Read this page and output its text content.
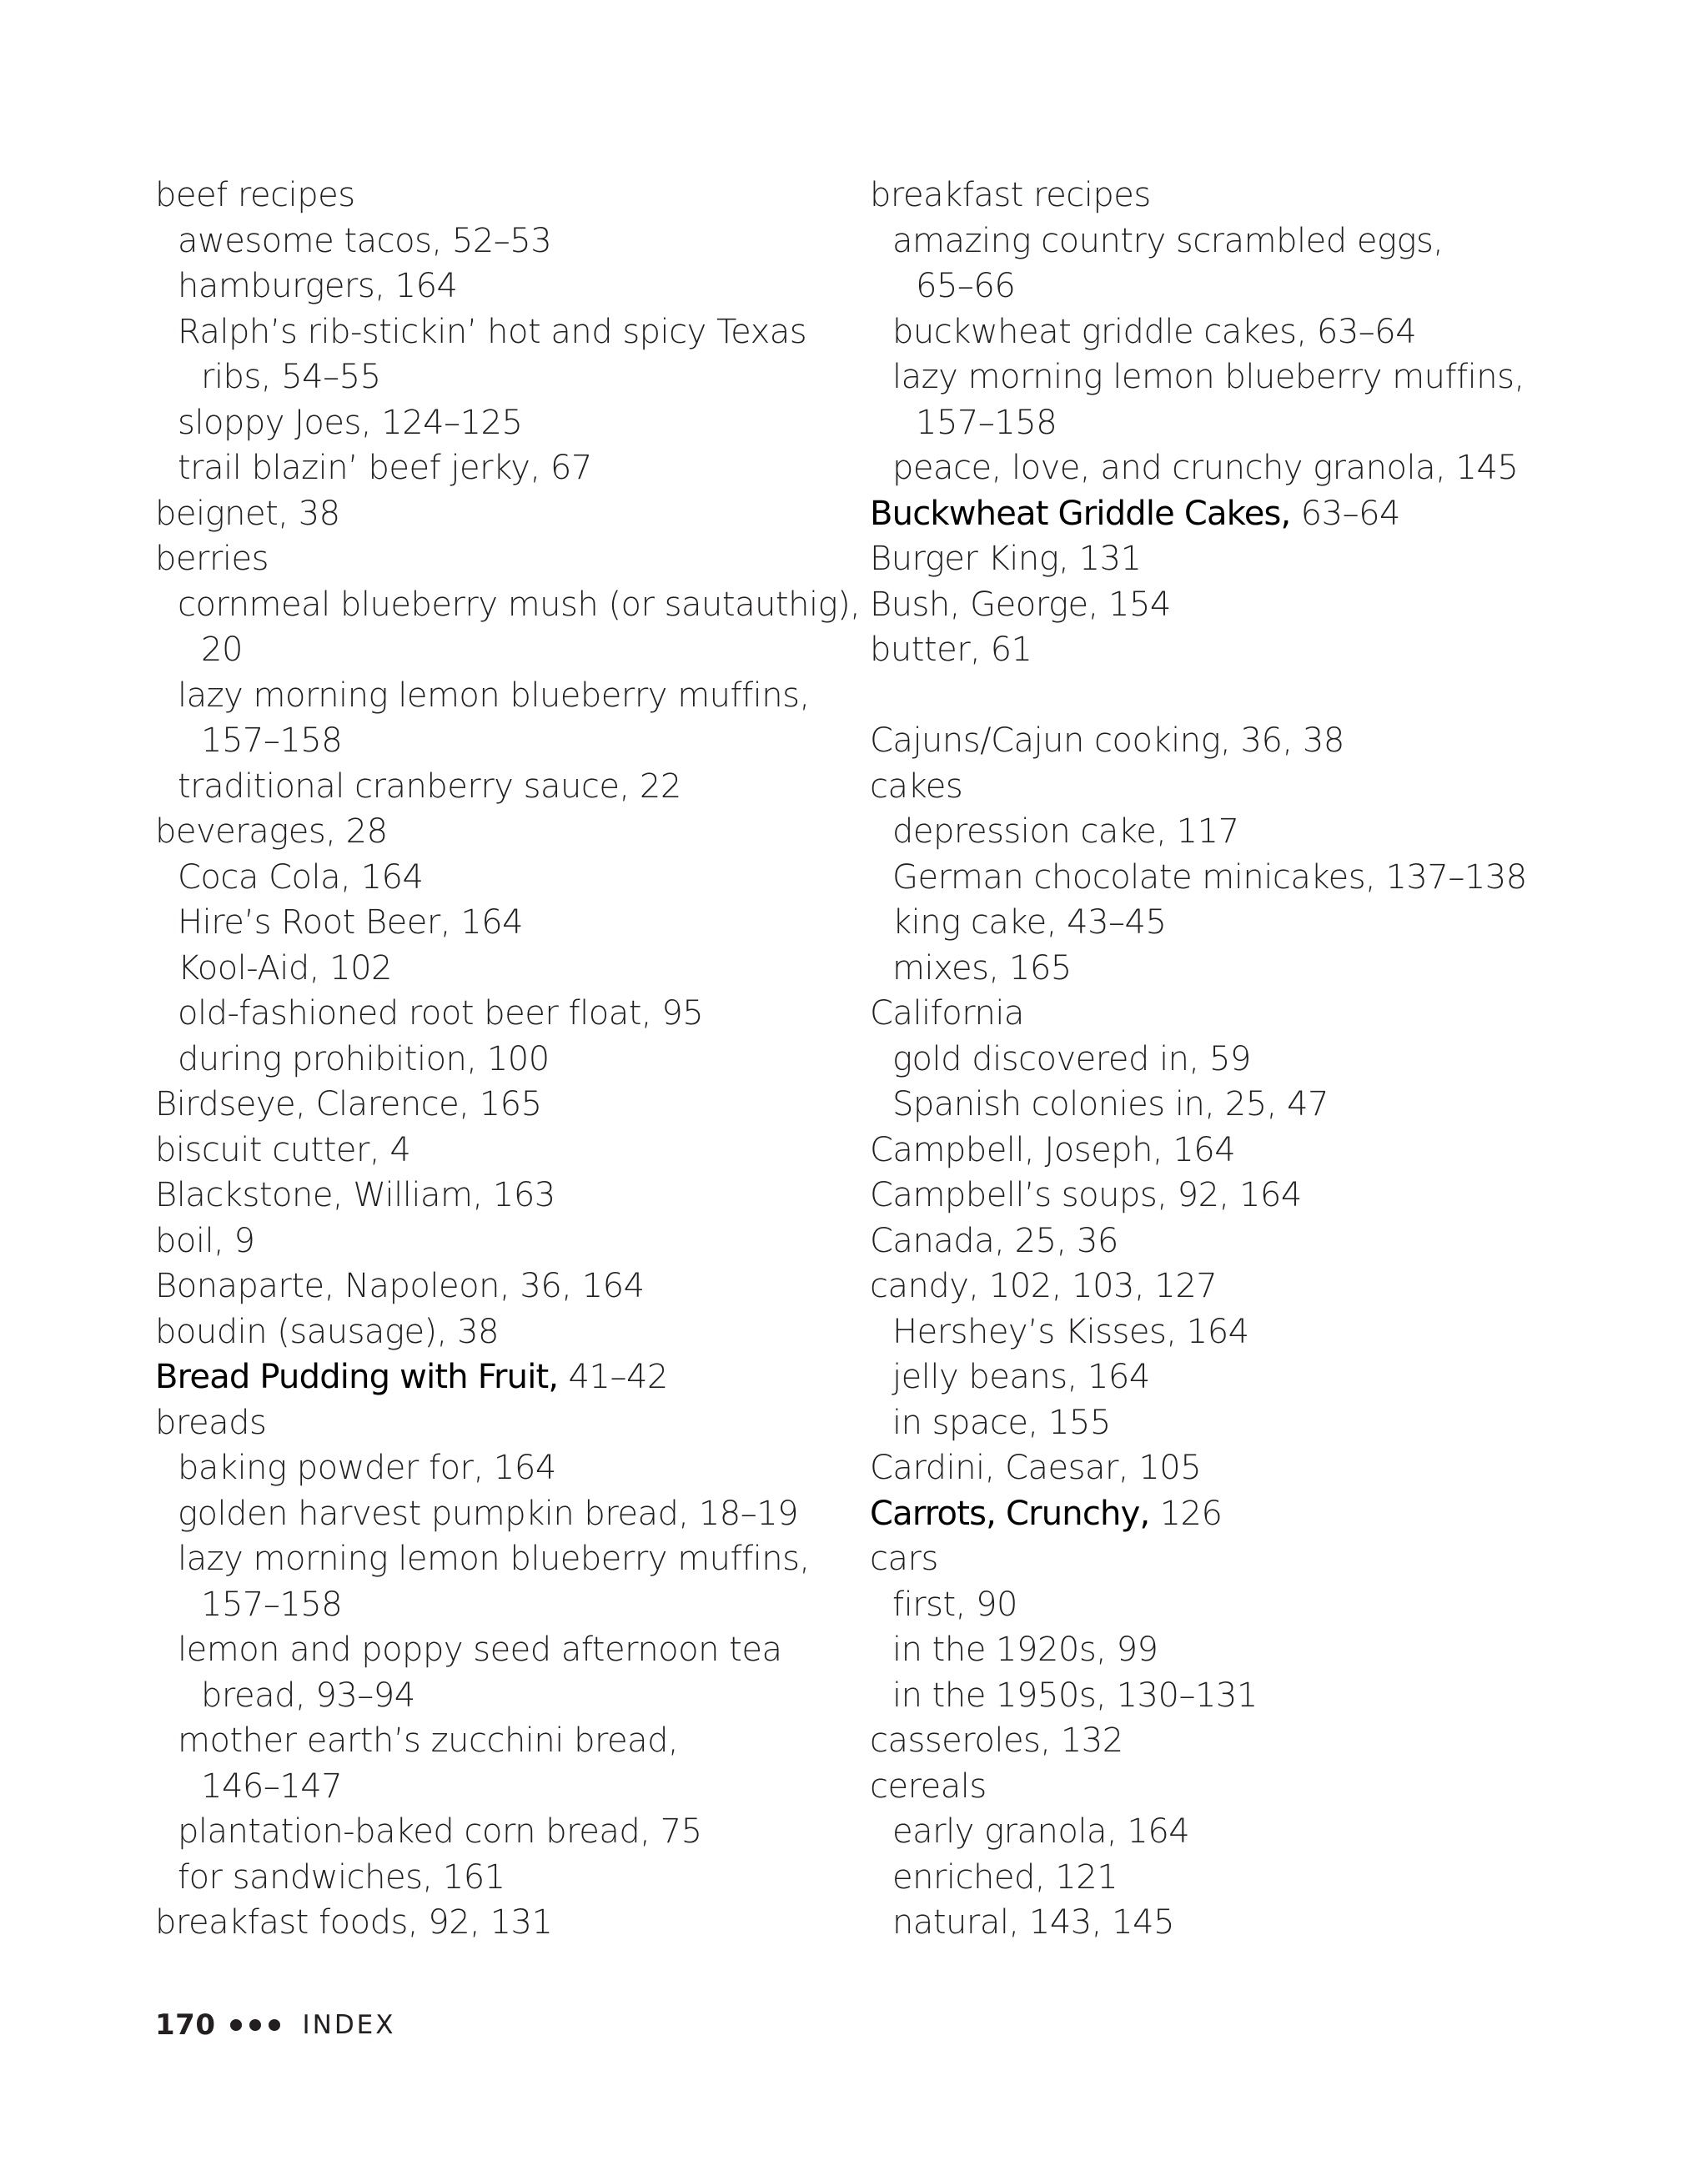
beef recipes
awesome tacos, 52–53
hamburgers, 164
Ralph’s rib-stickin’ hot and spicy Texas
ribs, 54–55
sloppy Joes, 124–125
trail blazin’ beef jerky, 67
beignet, 38
berries
cornmeal blueberry mush (or sautauthig),
20
lazy morning lemon blueberry muffins,
157–158
traditional cranberry sauce, 22
beverages, 28
Coca Cola, 164
Hire’s Root Beer, 164
Kool-Aid, 102
old-fashioned root beer float, 95
during prohibition, 100
Birdseye, Clarence, 165
biscuit cutter, 4
Blackstone, William, 163
boil, 9
Bonaparte, Napoleon, 36, 164
boudin (sausage), 38
Bread Pudding with Fruit, 41–42
breads
baking powder for, 164
golden harvest pumpkin bread, 18–19
lazy morning lemon blueberry muffins,
157–158
lemon and poppy seed afternoon tea
bread, 93–94
mother earth’s zucchini bread,
146–147
plantation-baked corn bread, 75
for sandwiches, 161
breakfast foods, 92, 131
breakfast recipes
amazing country scrambled eggs,
65–66
buckwheat griddle cakes, 63–64
lazy morning lemon blueberry muffins,
157–158
peace, love, and crunchy granola, 145
Buckwheat Griddle Cakes, 63–64
Burger King, 131
Bush, George, 154
butter, 61
Cajuns/Cajun cooking, 36, 38
cakes
depression cake, 117
German chocolate minicakes, 137–138
king cake, 43–45
mixes, 165
California
gold discovered in, 59
Spanish colonies in, 25, 47
Campbell, Joseph, 164
Campbell’s soups, 92, 164
Canada, 25, 36
candy, 102, 103, 127
Hershey’s Kisses, 164
jelly beans, 164
in space, 155
Cardini, Caesar, 105
Carrots, Crunchy, 126
cars
first, 90
in the 1920s, 99
in the 1950s, 130–131
casseroles, 132
cereals
early granola, 164
enriched, 121
natural, 143, 145
170	INDEX
